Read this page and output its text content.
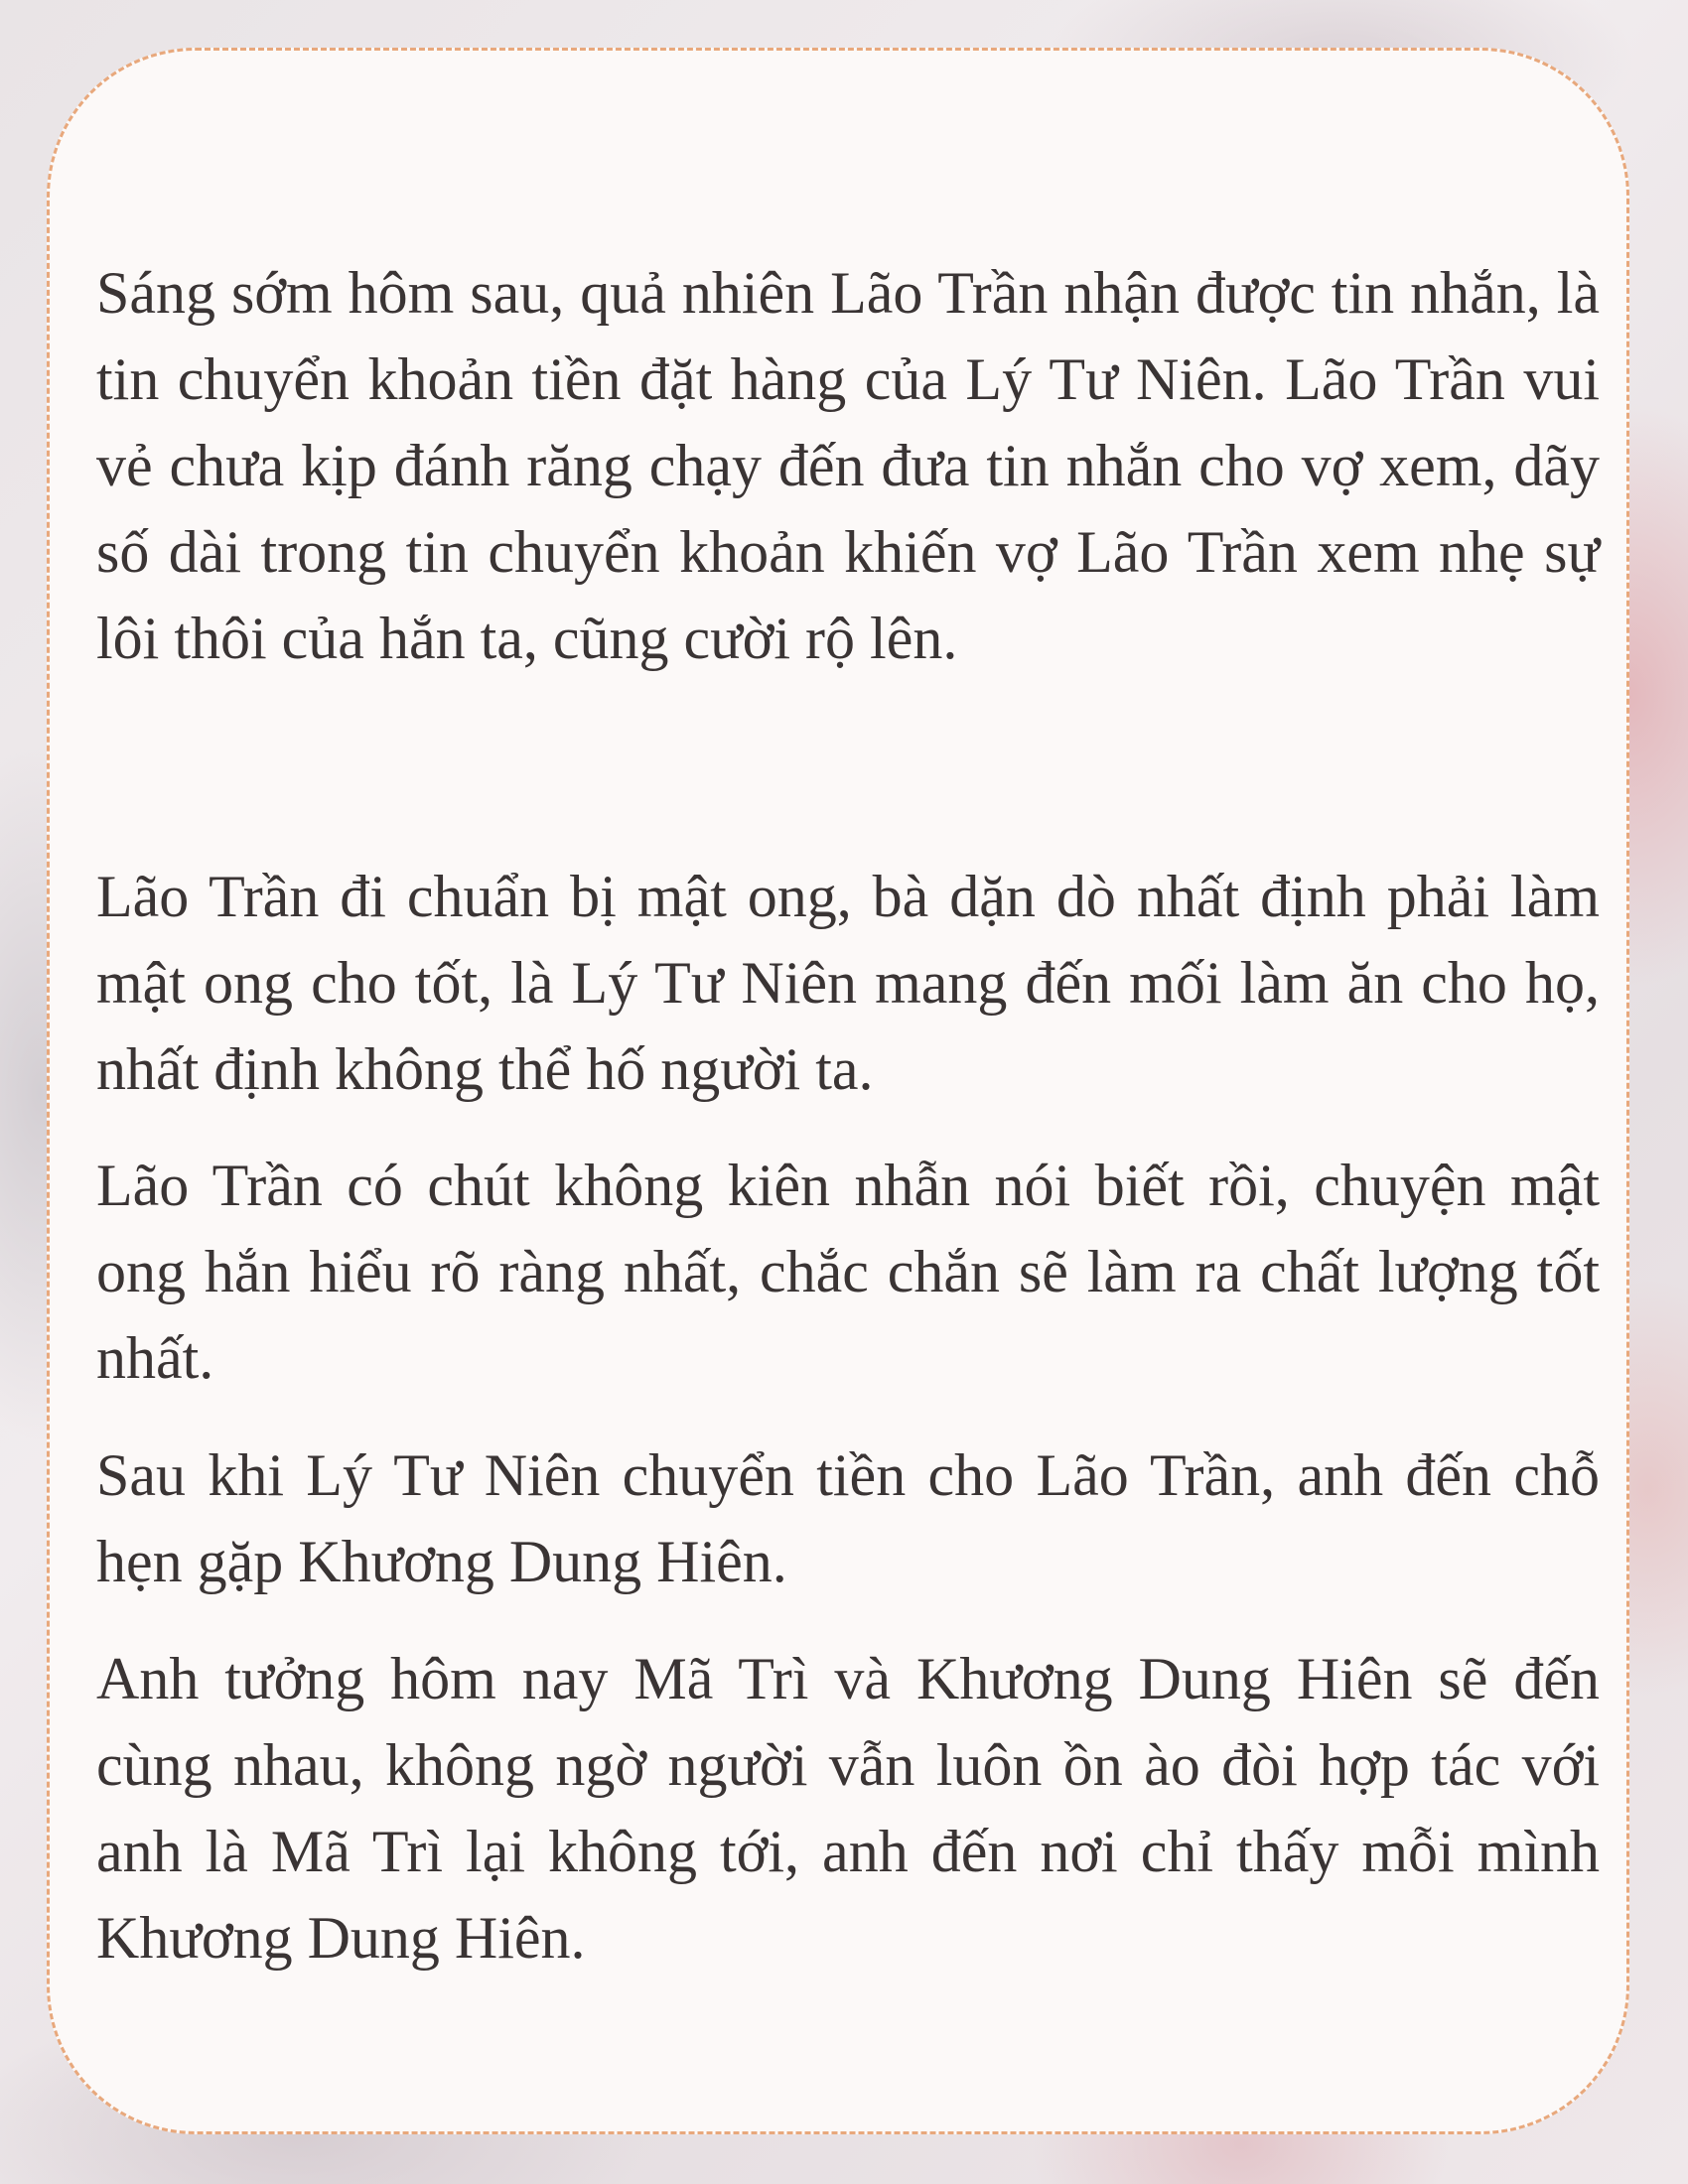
Sáng sớm hôm sau, quả nhiên Lão Trần nhận được tin nhắn, là tin chuyển khoản tiền đặt hàng của Lý Tư Niên. Lão Trần vui vẻ chưa kịp đánh răng chạy đến đưa tin nhắn cho vợ xem, dãy số dài trong tin chuyển khoản khiến vợ Lão Trần xem nhẹ sự lôi thôi của hắn ta, cũng cười rộ lên.

Lão Trần đi chuẩn bị mật ong, bà dặn dò nhất định phải làm mật ong cho tốt, là Lý Tư Niên mang đến mối làm ăn cho họ, nhất định không thể hố người ta.

Lão Trần có chút không kiên nhẫn nói biết rồi, chuyện mật ong hắn hiểu rõ ràng nhất, chắc chắn sẽ làm ra chất lượng tốt nhất.

Sau khi Lý Tư Niên chuyển tiền cho Lão Trần, anh đến chỗ hẹn gặp Khương Dung Hiên.

Anh tưởng hôm nay Mã Trì và Khương Dung Hiên sẽ đến cùng nhau, không ngờ người vẫn luôn ồn ào đòi hợp tác với anh là Mã Trì lại không tới, anh đến nơi chỉ thấy mỗi mình Khương Dung Hiên.
